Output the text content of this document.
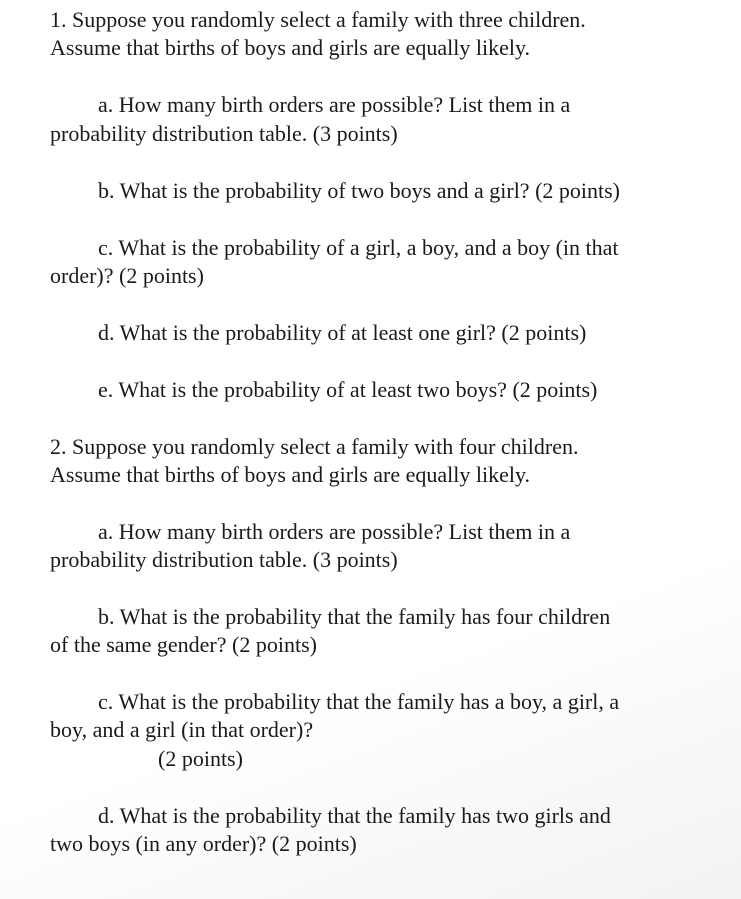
1. Suppose you randomly select a family with three children.
Assume that births of boys and girls are equally likely.
a. How many birth orders are possible? List them in a
probability distribution table. (3 points)
b. What is the probability of two boys and a girl? (2 points)
c. What is the probability of a girl, a boy, and a boy (in that
order)? (2 points)
d. What is the probability of at least one girl? (2 points)
e. What is the probability of at least two boys? (2 points)
2. Suppose you randomly select a family with four children.
Assume that births of boys and girls are equally likely.
a. How many birth orders are possible? List them in a
probability distribution table. (3 points)
b. What is the probability that the family has four children
of the same gender? (2 points)
c. What is the probability that the family has a boy, a girl, a
boy, and a girl (in that order)?
(2 points)
d. What is the probability that the family has two girls and
two boys (in any order)? (2 points)
